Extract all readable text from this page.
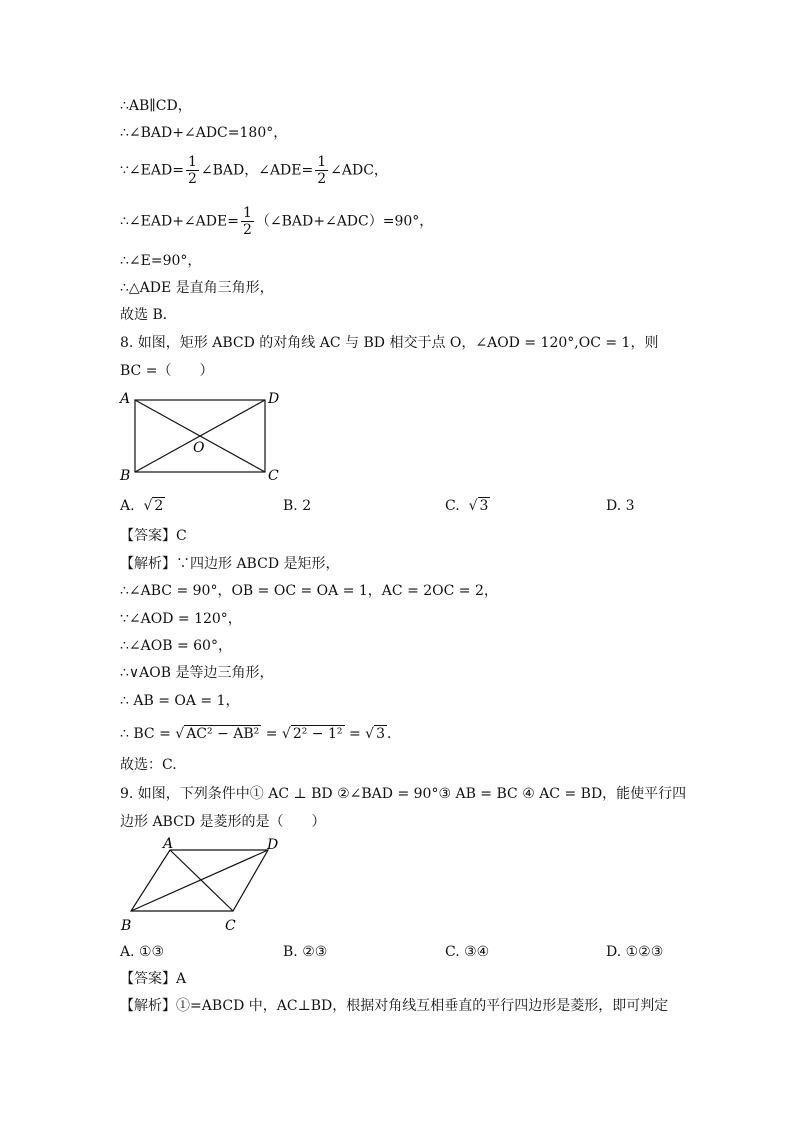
∴AB∥CD，
∴∠BAD+∠ADC=180°，
∵∠EAD= $\frac{1}{2}$ ∠BAD，∠ADE= $\frac{1}{2}$ ∠ADC，
∴∠EAD+∠ADE= $\frac{1}{2}$ （∠BAD+∠ADC）=90°，
∴∠E=90°，
∴△ADE 是直角三角形，
故选 B．
8. 如图，矩形 ABCD 的对角线 AC 与 BD 相交于点 O，∠AOD = 120°,OC = 1，则
BC =（　　）
A	D
B	C
O
A. √ 2	B. 2	C. √ 3	D. 3
【答案】C
【解析】∵四边形 ABCD 是矩形，
∴∠ABC = 90°，OB = OC = OA = 1，AC = 2OC = 2，
∵∠AOD = 120°，
∴∠AOB = 60°，
∴∨AOB 是等边三角形，
∴ AB = OA = 1，
∴ BC = √ AC² − AB² = √ 2² − 1² = √ 3 ．
故选：C.
9. 如图，下列条件中① AC ⊥ BD ②∠BAD = 90°③ AB = BC ④ AC = BD，能使平行四
边形 ABCD 是菱形的是（　　）
A	D
B	C
A. ①③	B. ②③	C. ③④	D. ①②③
【答案】A
【解析】①=ABCD 中，AC⊥BD，根据对角线互相垂直的平行四边形是菱形，即可判定
